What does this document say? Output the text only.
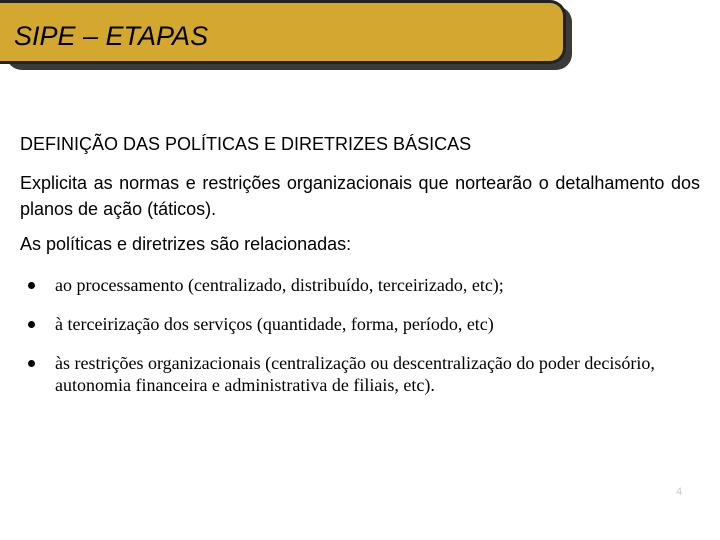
SIPE – ETAPAS
DEFINIÇÃO DAS POLÍTICAS E DIRETRIZES BÁSICAS
Explicita as normas e restrições organizacionais que nortearão o detalhamento dos planos de ação (táticos).
As políticas e diretrizes são relacionadas:
ao processamento (centralizado, distribuído, terceirizado, etc);
à terceirização dos serviços (quantidade, forma, período, etc)
às restrições organizacionais (centralização ou descentralização do poder decisório, autonomia financeira e administrativa de filiais, etc).
4
